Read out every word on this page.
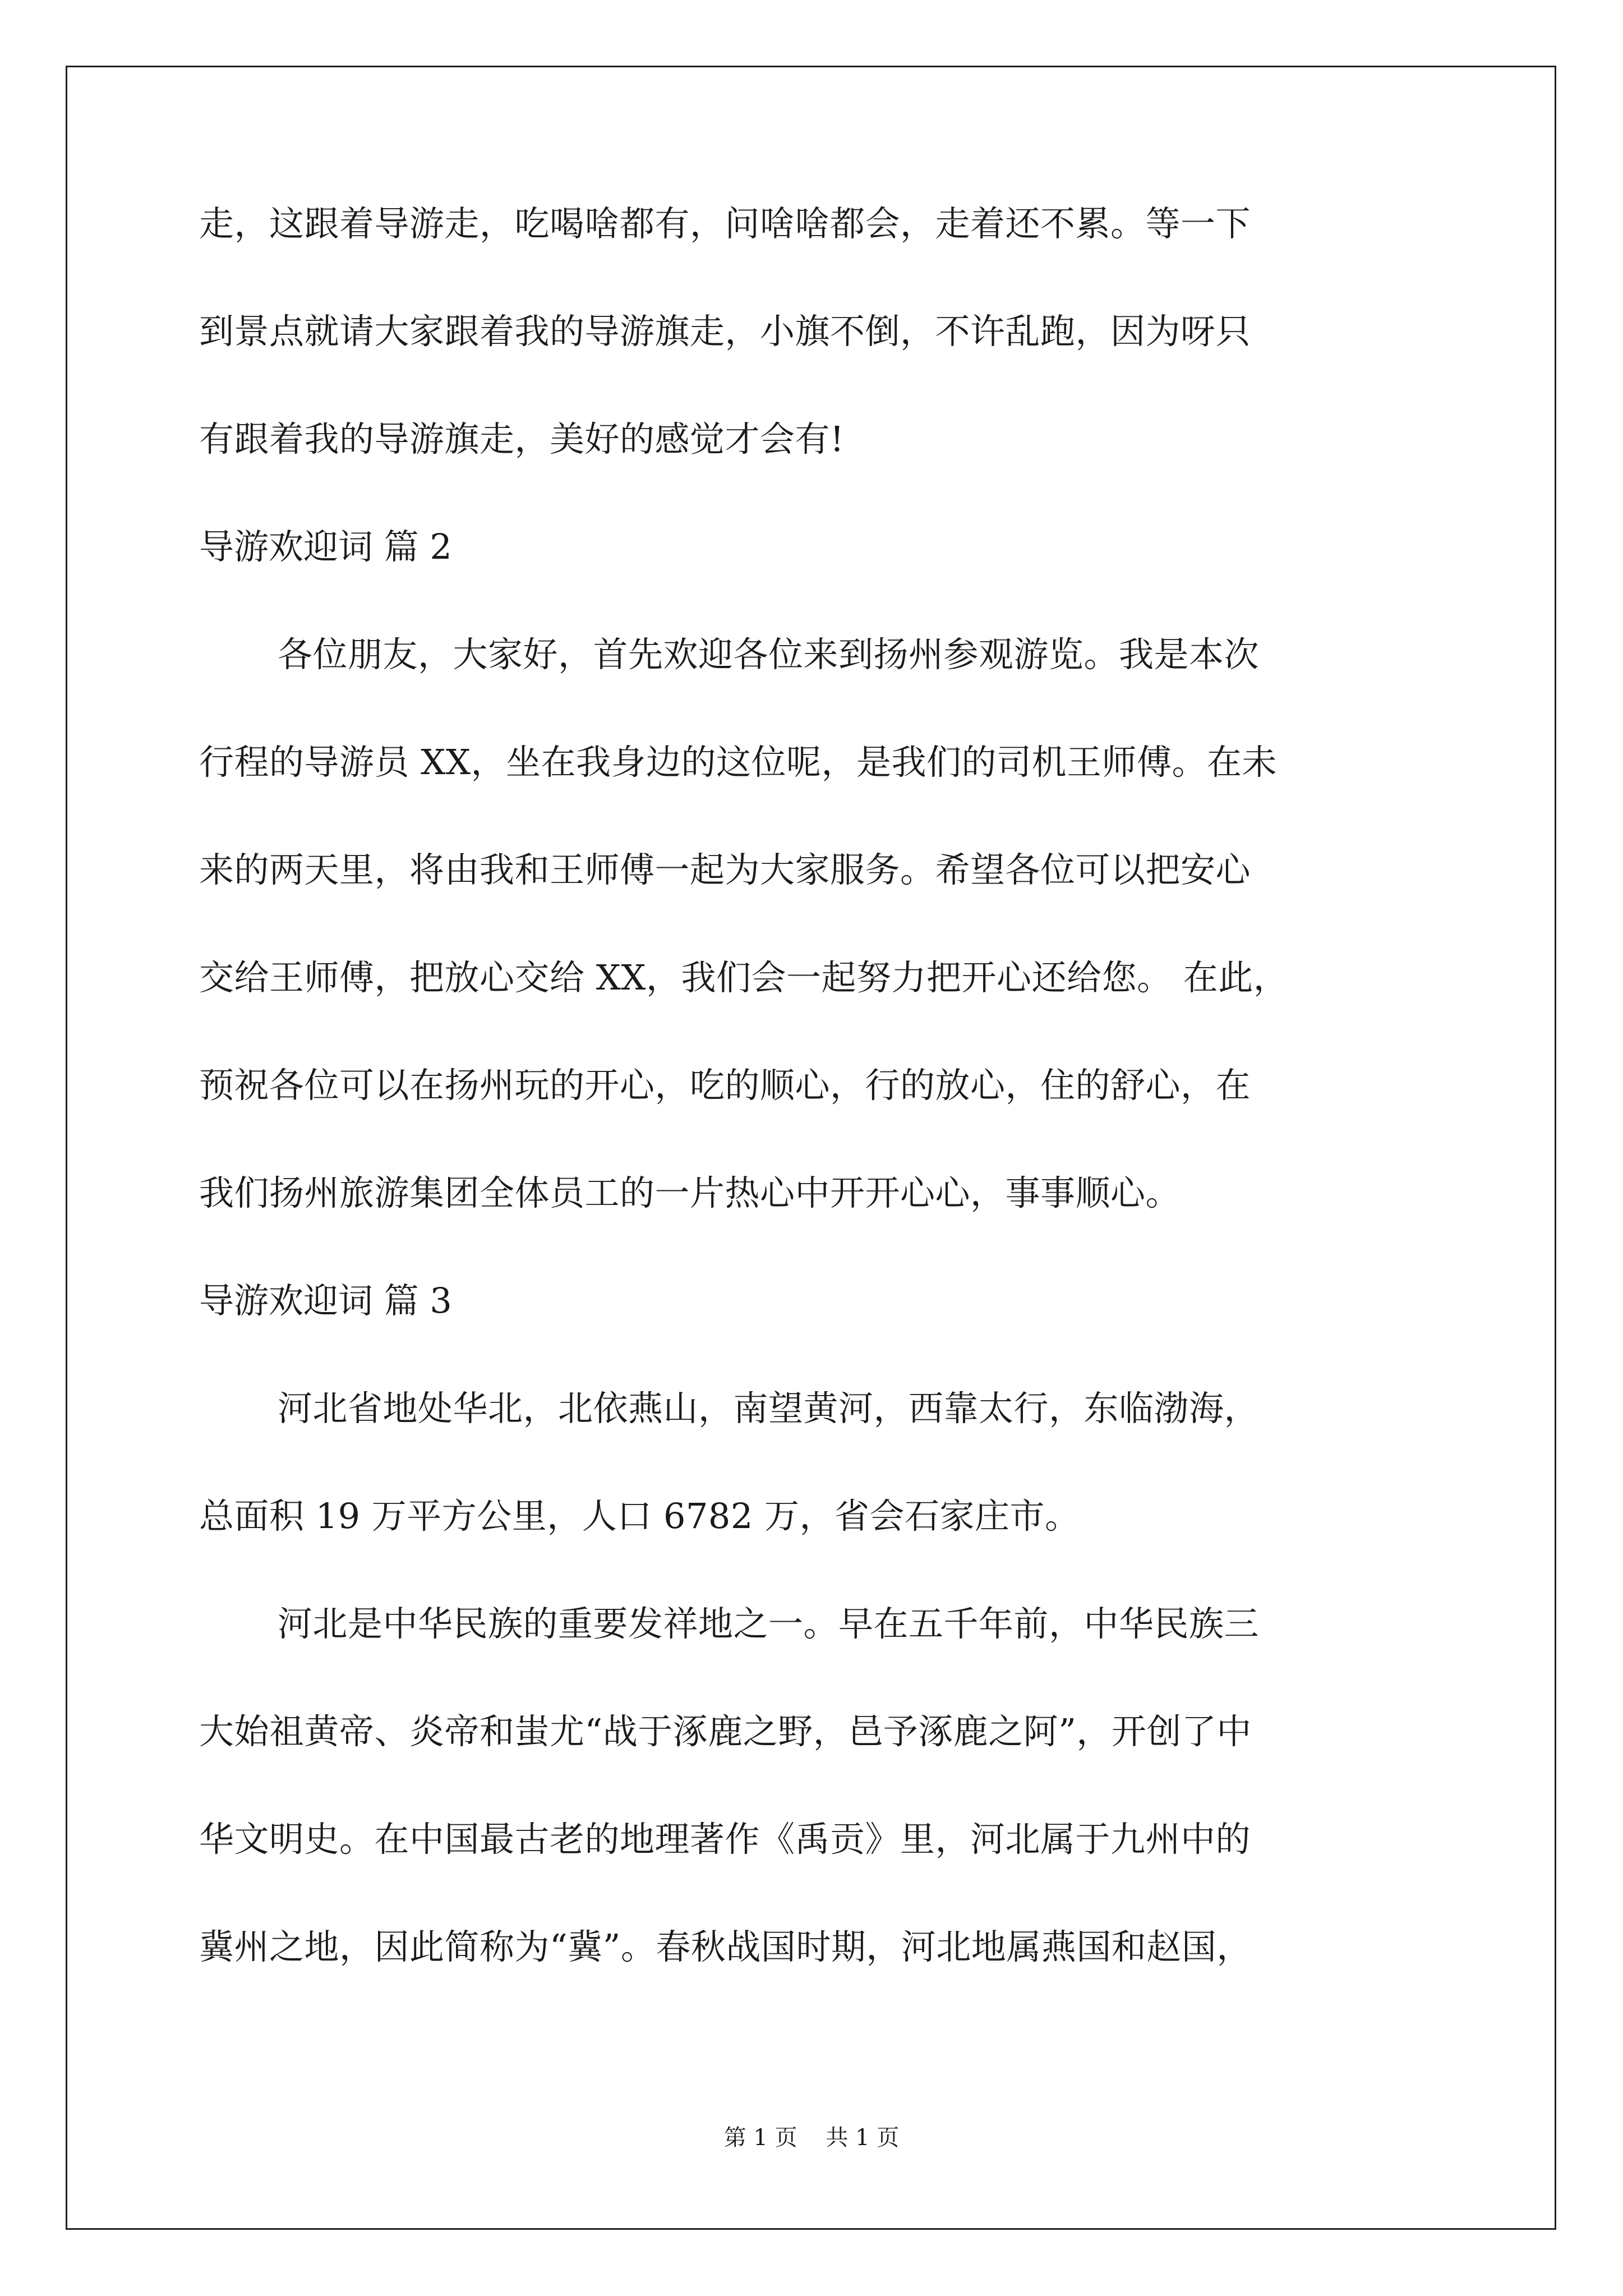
走，这跟着导游走，吃喝啥都有，问啥啥都会，走着还不累。等一下
到景点就请大家跟着我的导游旗走，小旗不倒，不许乱跑，因为呀只
有跟着我的导游旗走，美好的感觉才会有!
导游欢迎词 篇 2
各位朋友，大家好，首先欢迎各位来到扬州参观游览。我是本次
行程的导游员 XX，坐在我身边的这位呢，是我们的司机王师傅。在未
来的两天里，将由我和王师傅一起为大家服务。希望各位可以把安心
交给王师傅，把放心交给 XX，我们会一起努力把开心还给您。 在此，
预祝各位可以在扬州玩的开心，吃的顺心，行的放心，住的舒心，在
我们扬州旅游集团全体员工的一片热心中开开心心，事事顺心。
导游欢迎词 篇 3
河北省地处华北，北依燕山，南望黄河，西靠太行，东临渤海，
总面积 19 万平方公里，人口 6782 万，省会石家庄市。
河北是中华民族的重要发祥地之一。早在五千年前，中华民族三
大始祖黄帝、炎帝和蚩尤“战于涿鹿之野，邑予涿鹿之阿”，开创了中
华文明史。在中国最古老的地理著作《禹贡》里，河北属于九州中的
冀州之地，因此简称为“冀”。春秋战国时期，河北地属燕国和赵国，
第 1 页    共 1 页
